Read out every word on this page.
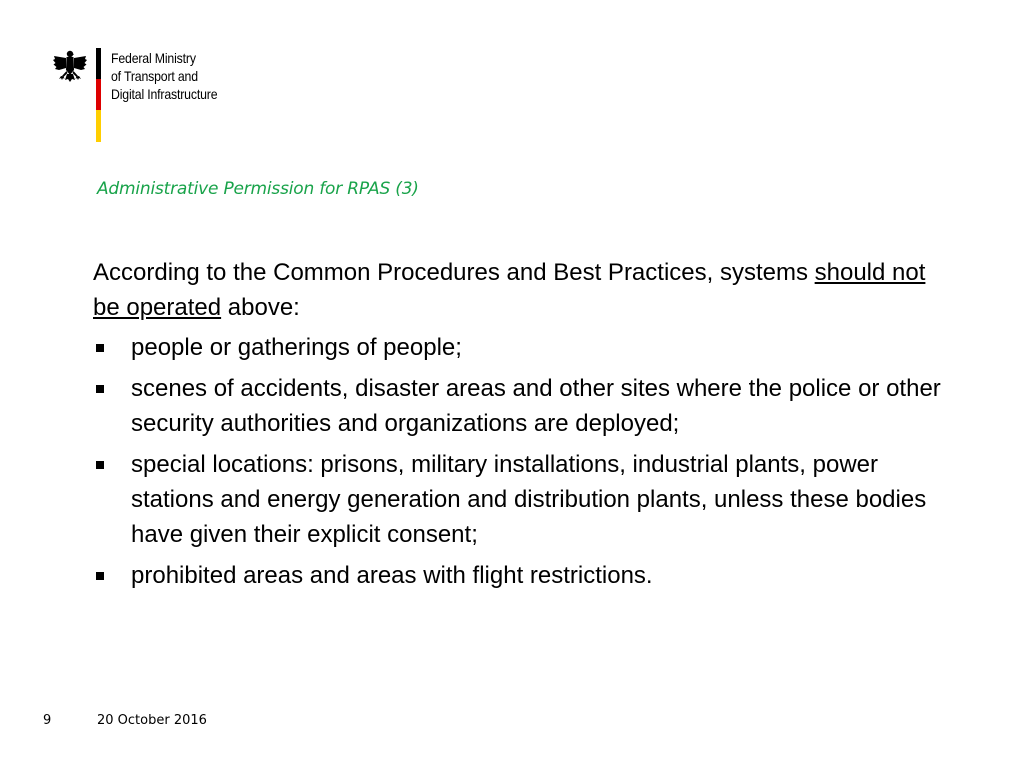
Federal Ministry
of Transport and
Digital Infrastructure
Administrative Permission for RPAS (3)

According to the Common Procedures and Best Practices, systems should not be operated above:

people or gatherings of people;
scenes of accidents, disaster areas and other sites where the police or other security authorities and organizations are deployed;
special locations: prisons, military installations, industrial plants, power stations and energy generation and distribution plants, unless these bodies have given their explicit consent;
prohibited areas and areas with flight restrictions.
9	20 October 2016
